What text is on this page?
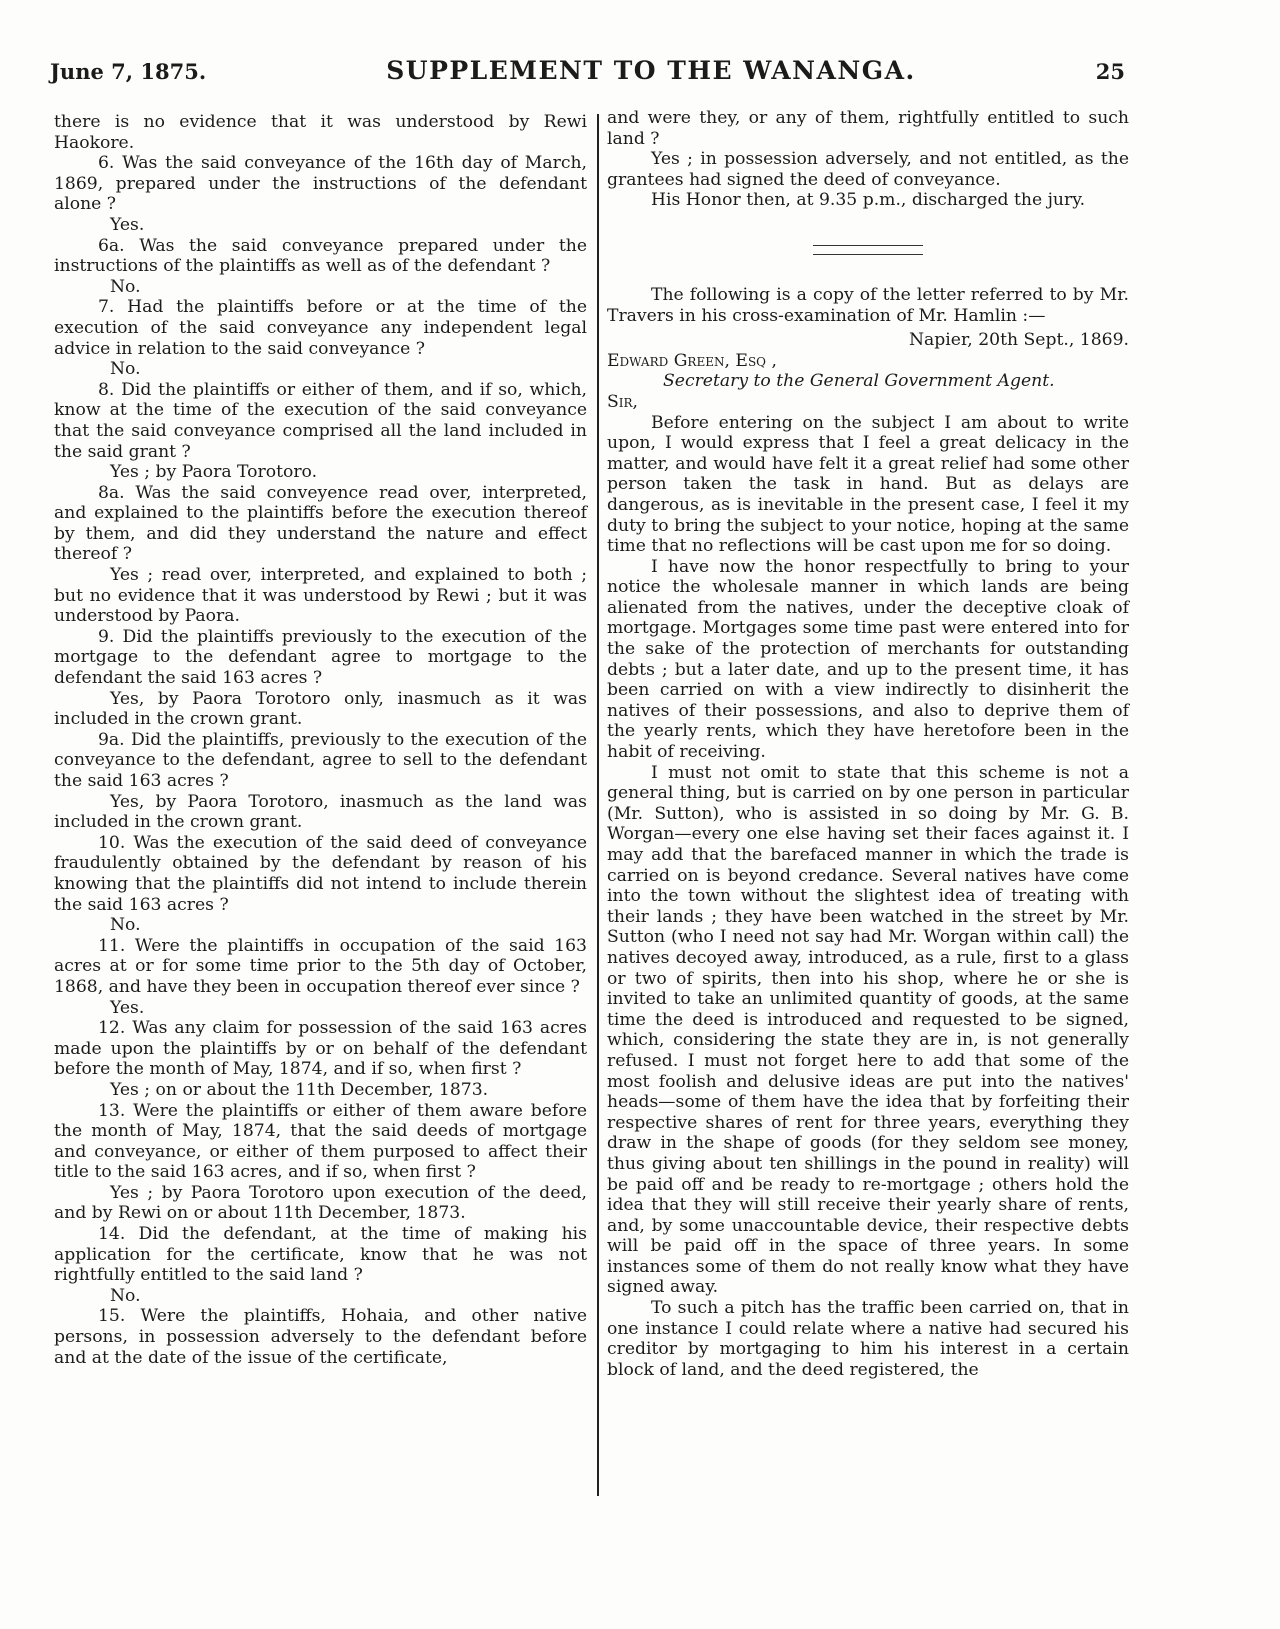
June 7, 1875.	SUPPLEMENT TO THE WANANGA.	25

there is no evidence that it was understood by Rewi Haokore.

6. Was the said conveyance of the 16th day of March, 1869, prepared under the instructions of the defendant alone ?

Yes.

6a. Was the said conveyance prepared under the instructions of the plaintiffs as well as of the defendant ?

No.

7. Had the plaintiffs before or at the time of the execution of the said conveyance any independent legal advice in relation to the said conveyance ?

No.

8. Did the plaintiffs or either of them, and if so, which, know at the time of the execution of the said conveyance that the said conveyance comprised all the land included in the said grant ?

Yes ; by Paora Torotoro.

8a. Was the said conveyence read over, interpreted, and explained to the plaintiffs before the execution thereof by them, and did they understand the nature and effect thereof ?

Yes ; read over, interpreted, and explained to both ; but no evidence that it was understood by Rewi ; but it was understood by Paora.

9. Did the plaintiffs previously to the execution of the mortgage to the defendant agree to mortgage to the defendant the said 163 acres ?

Yes, by Paora Torotoro only, inasmuch as it was included in the crown grant.

9a. Did the plaintiffs, previously to the execution of the conveyance to the defendant, agree to sell to the defendant the said 163 acres ?

Yes, by Paora Torotoro, inasmuch as the land was included in the crown grant.

10. Was the execution of the said deed of conveyance fraudulently obtained by the defendant by reason of his knowing that the plaintiffs did not intend to include therein the said 163 acres ?

No.

11. Were the plaintiffs in occupation of the said 163 acres at or for some time prior to the 5th day of October, 1868, and have they been in occupation thereof ever since ?

Yes.

12. Was any claim for possession of the said 163 acres made upon the plaintiffs by or on behalf of the defendant before the month of May, 1874, and if so, when first ?

Yes ; on or about the 11th December, 1873.

13. Were the plaintiffs or either of them aware before the month of May, 1874, that the said deeds of mortgage and conveyance, or either of them purposed to affect their title to the said 163 acres, and if so, when first ?

Yes ; by Paora Torotoro upon execution of the deed, and by Rewi on or about 11th December, 1873.

14. Did the defendant, at the time of making his application for the certificate, know that he was not rightfully entitled to the said land ?

No.

15. Were the plaintiffs, Hohaia, and other native persons, in possession adversely to the defendant before and at the date of the issue of the certificate,

and were they, or any of them, rightfully entitled to such land ?

Yes ; in possession adversely, and not entitled, as the grantees had signed the deed of conveyance.

His Honor then, at 9.35 p.m., discharged the jury.

The following is a copy of the letter referred to by Mr. Travers in his cross-examination of Mr. Hamlin :—

Napier, 20th Sept., 1869.

Edward Green, Esq ,

Secretary to the General Government Agent.

Sir,

Before entering on the subject I am about to write upon, I would express that I feel a great delicacy in the matter, and would have felt it a great relief had some other person taken the task in hand. But as delays are dangerous, as is inevitable in the present case, I feel it my duty to bring the subject to your notice, hoping at the same time that no reflections will be cast upon me for so doing.

I have now the honor respectfully to bring to your notice the wholesale manner in which lands are being alienated from the natives, under the deceptive cloak of mortgage. Mortgages some time past were entered into for the sake of the protection of merchants for outstanding debts ; but a later date, and up to the present time, it has been carried on with a view indirectly to disinherit the natives of their possessions, and also to deprive them of the yearly rents, which they have heretofore been in the habit of receiving.

I must not omit to state that this scheme is not a general thing, but is carried on by one person in particular (Mr. Sutton), who is assisted in so doing by Mr. G. B. Worgan—every one else having set their faces against it. I may add that the barefaced manner in which the trade is carried on is beyond credance. Several natives have come into the town without the slightest idea of treating with their lands ; they have been watched in the street by Mr. Sutton (who I need not say had Mr. Worgan within call) the natives decoyed away, introduced, as a rule, first to a glass or two of spirits, then into his shop, where he or she is invited to take an unlimited quantity of goods, at the same time the deed is introduced and requested to be signed, which, considering the state they are in, is not generally refused. I must not forget here to add that some of the most foolish and delusive ideas are put into the natives' heads—some of them have the idea that by forfeiting their respective shares of rent for three years, everything they draw in the shape of goods (for they seldom see money, thus giving about ten shillings in the pound in reality) will be paid off and be ready to re-mortgage ; others hold the idea that they will still receive their yearly share of rents, and, by some unaccountable device, their respective debts will be paid off in the space of three years. In some instances some of them do not really know what they have signed away.

To such a pitch has the traffic been carried on, that in one instance I could relate where a native had secured his creditor by mortgaging to him his interest in a certain block of land, and the deed registered, the
